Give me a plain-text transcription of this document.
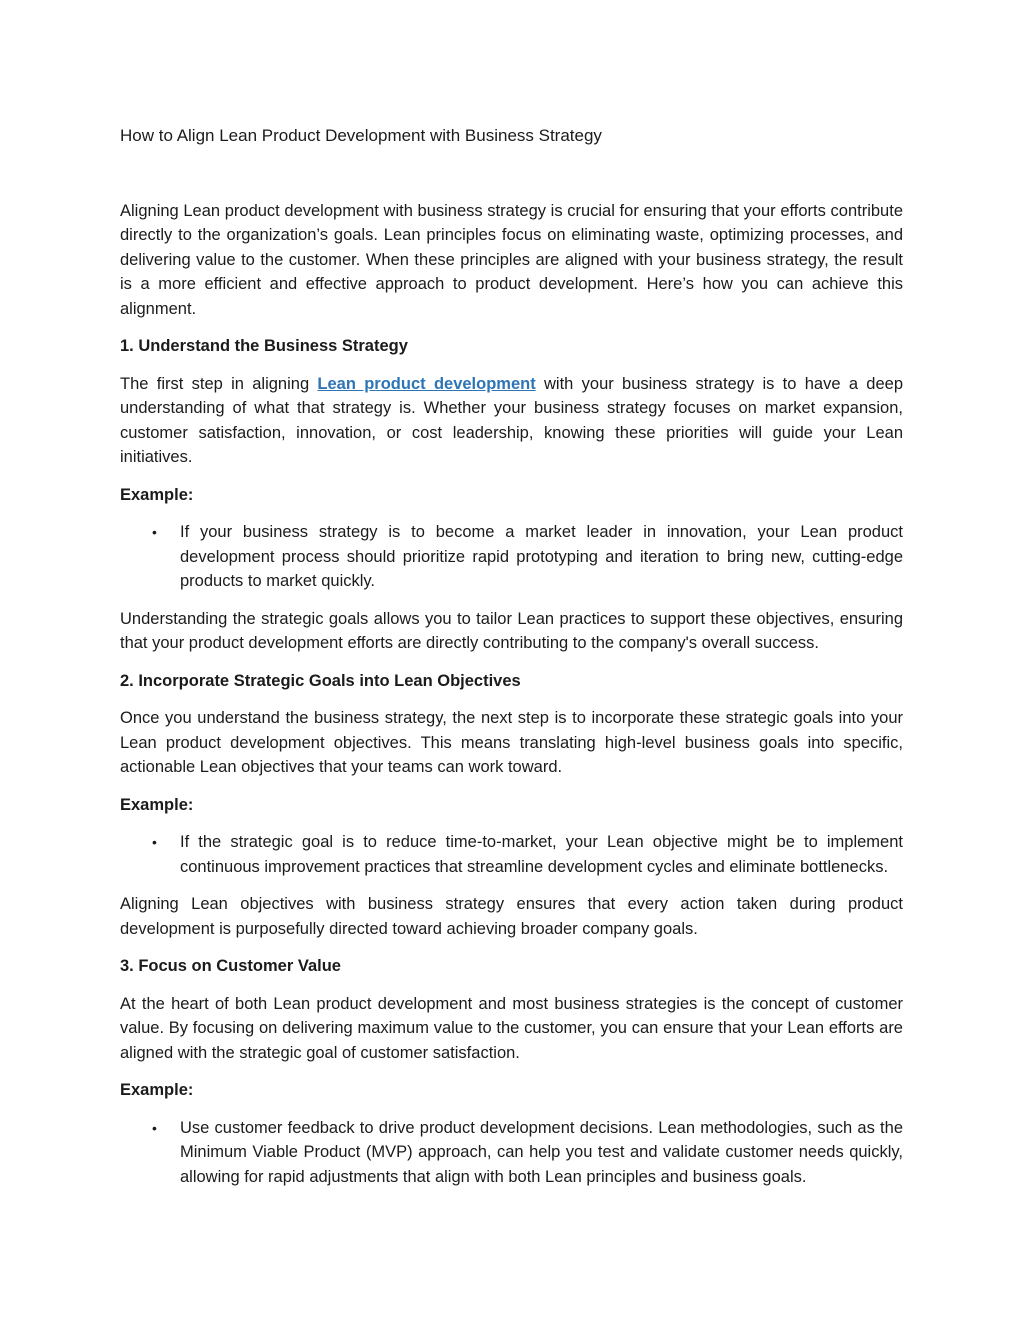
How to Align Lean Product Development with Business Strategy

Aligning Lean product development with business strategy is crucial for ensuring that your efforts contribute directly to the organization’s goals. Lean principles focus on eliminating waste, optimizing processes, and delivering value to the customer. When these principles are aligned with your business strategy, the result is a more efficient and effective approach to product development. Here’s how you can achieve this alignment.

1. Understand the Business Strategy

The first step in aligning Lean product development with your business strategy is to have a deep understanding of what that strategy is. Whether your business strategy focuses on market expansion, customer satisfaction, innovation, or cost leadership, knowing these priorities will guide your Lean initiatives.

Example:

•	If your business strategy is to become a market leader in innovation, your Lean product development process should prioritize rapid prototyping and iteration to bring new, cutting-edge products to market quickly.

Understanding the strategic goals allows you to tailor Lean practices to support these objectives, ensuring that your product development efforts are directly contributing to the company's overall success.

2. Incorporate Strategic Goals into Lean Objectives

Once you understand the business strategy, the next step is to incorporate these strategic goals into your Lean product development objectives. This means translating high-level business goals into specific, actionable Lean objectives that your teams can work toward.

Example:

•	If the strategic goal is to reduce time-to-market, your Lean objective might be to implement continuous improvement practices that streamline development cycles and eliminate bottlenecks.

Aligning Lean objectives with business strategy ensures that every action taken during product development is purposefully directed toward achieving broader company goals.

3. Focus on Customer Value

At the heart of both Lean product development and most business strategies is the concept of customer value. By focusing on delivering maximum value to the customer, you can ensure that your Lean efforts are aligned with the strategic goal of customer satisfaction.

Example:

•	Use customer feedback to drive product development decisions. Lean methodologies, such as the Minimum Viable Product (MVP) approach, can help you test and validate customer needs quickly, allowing for rapid adjustments that align with both Lean principles and business goals.
